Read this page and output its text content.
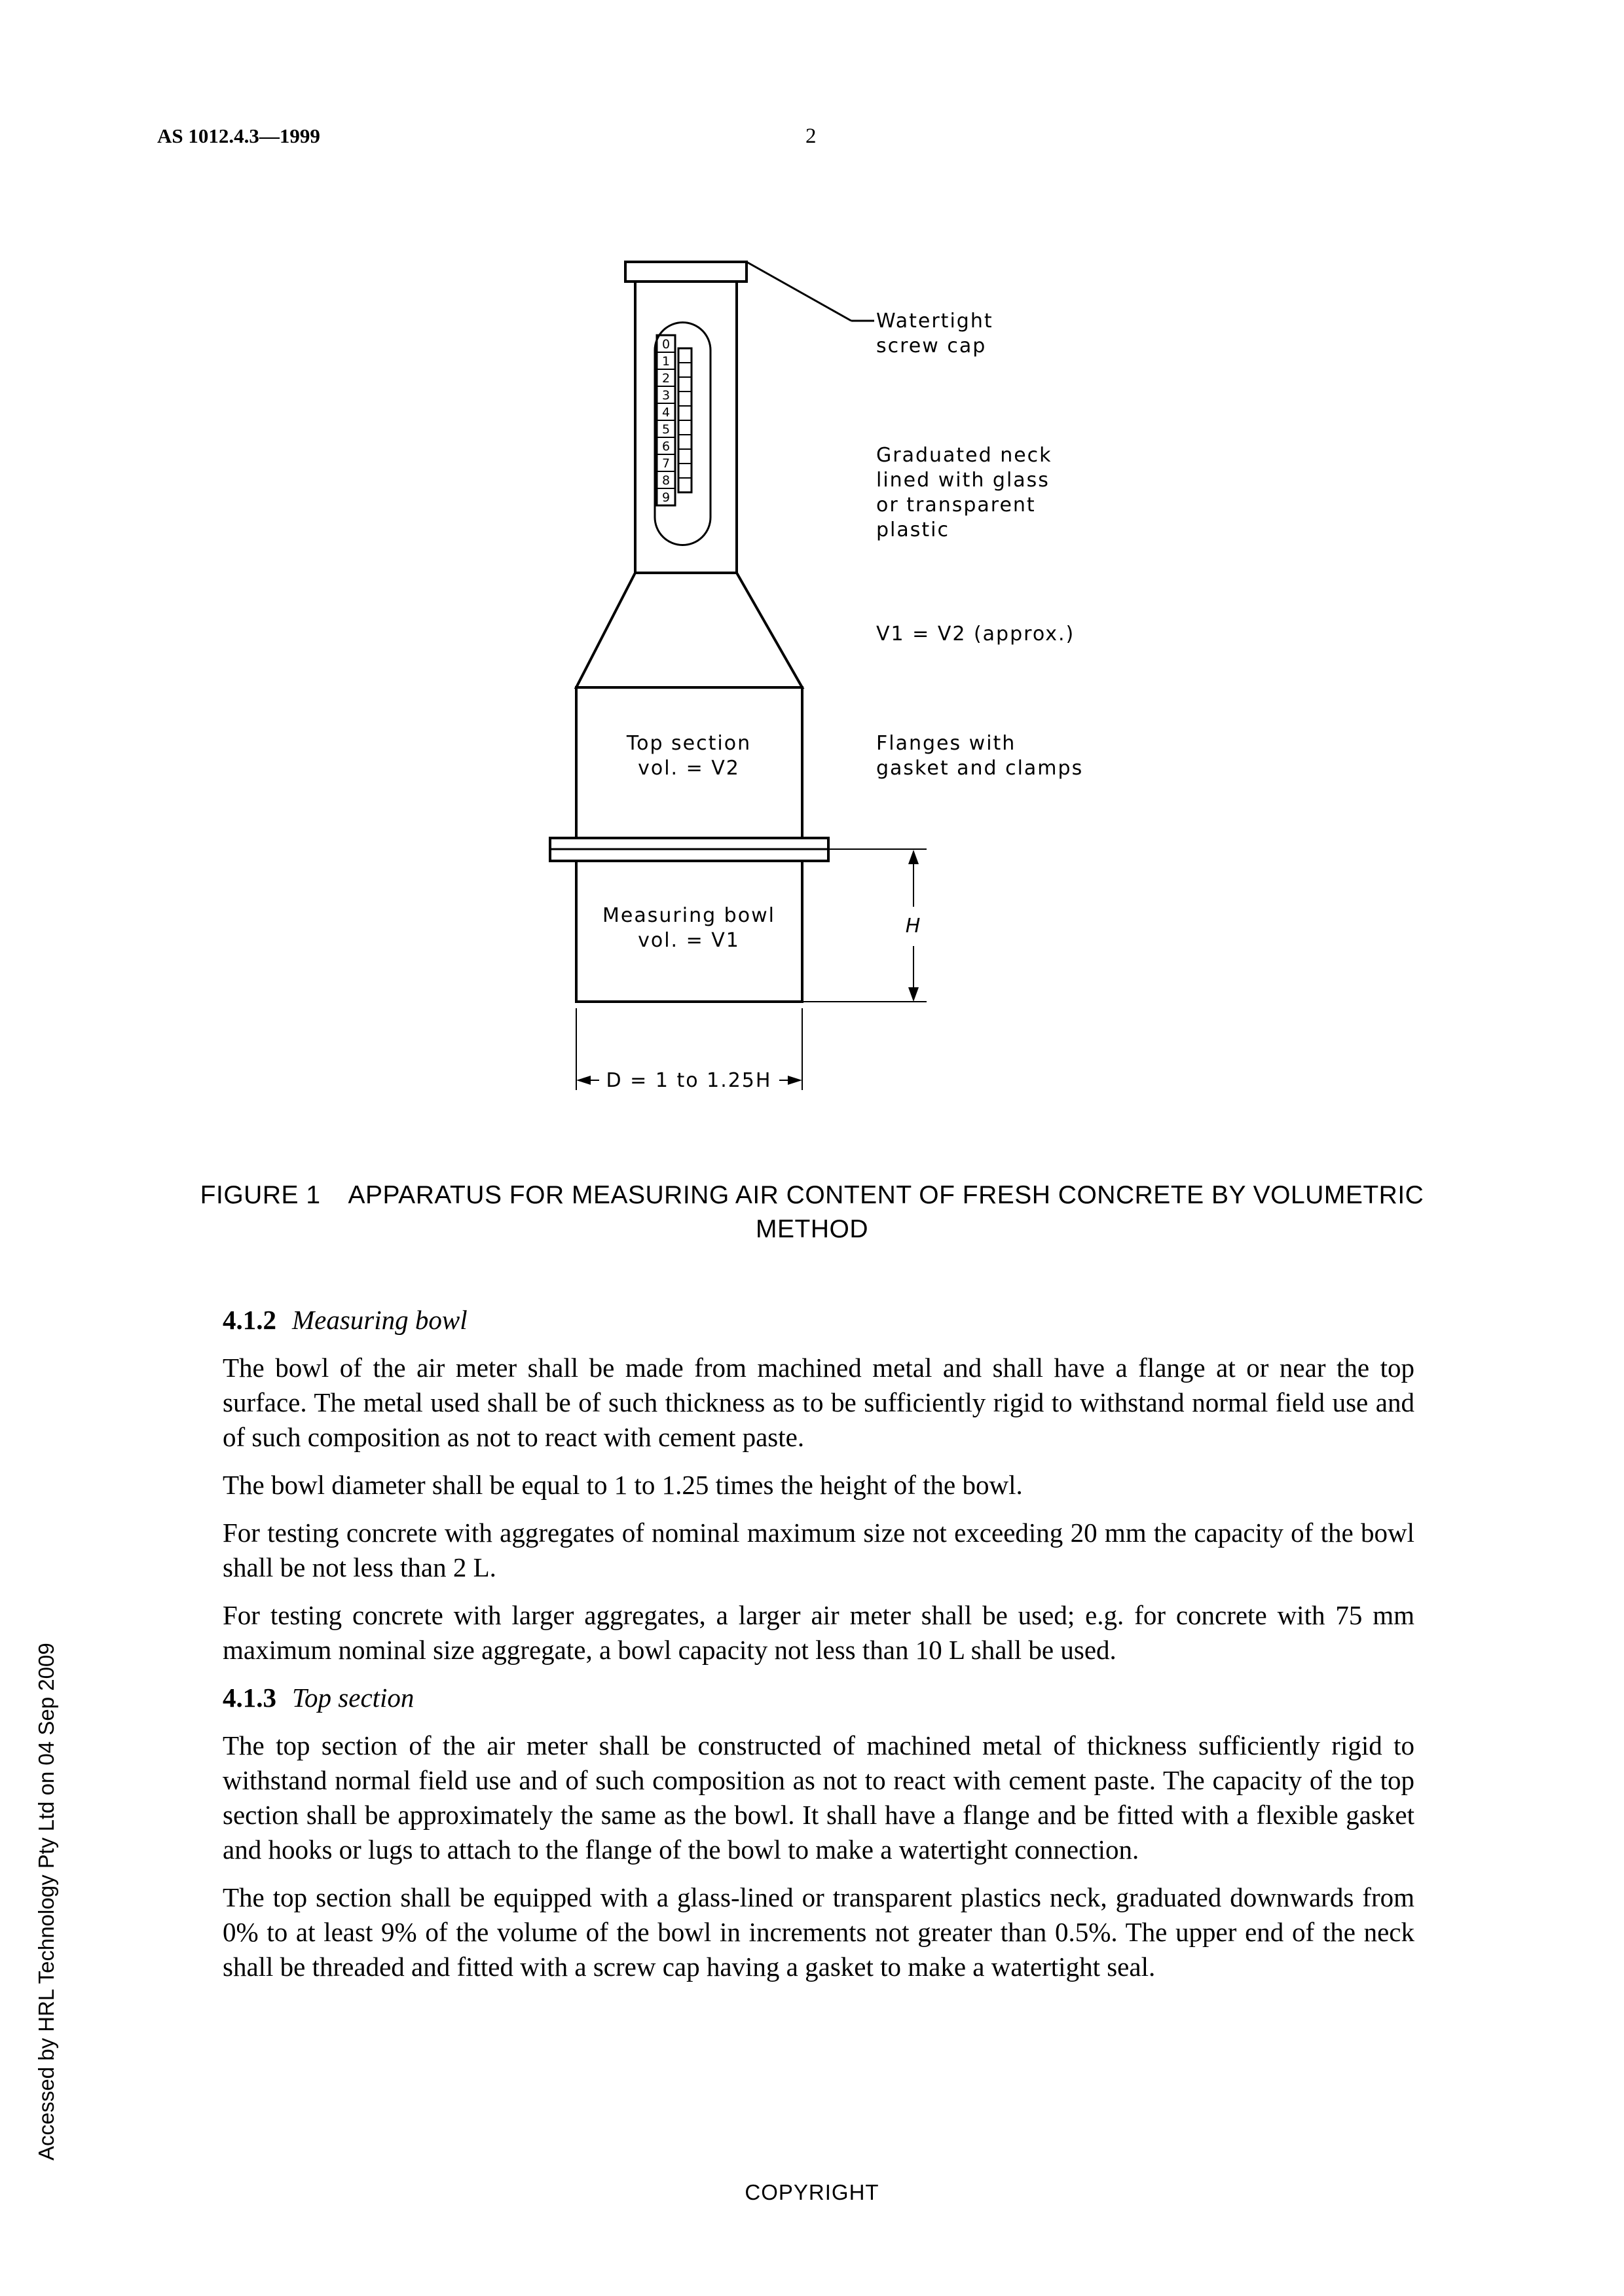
AS 1012.4.3—1999	2
0
1
2
3
4
5
6
7
8
9
Watertight
screw cap
Graduated neck
lined with glass
or transparent
plastic
V1 = V2 (approx.)
Flanges with
gasket and clamps
Top section
vol. = V2
Measuring bowl
vol. = V1
H
D = 1 to 1.25H
FIGURE 1 APPARATUS FOR MEASURING AIR CONTENT OF FRESH CONCRETE BY VOLUMETRIC METHOD
4.1.2 Measuring bowl

The bowl of the air meter shall be made from machined metal and shall have a flange at or near the top surface. The metal used shall be of such thickness as to be sufficiently rigid to withstand normal field use and of such composition as not to react with cement paste.

The bowl diameter shall be equal to 1 to 1.25 times the height of the bowl.

For testing concrete with aggregates of nominal maximum size not exceeding 20 mm the capacity of the bowl shall be not less than 2 L.

For testing concrete with larger aggregates, a larger air meter shall be used; e.g. for concrete with 75 mm maximum nominal size aggregate, a bowl capacity not less than 10 L shall be used.

4.1.3 Top section

The top section of the air meter shall be constructed of machined metal of thickness sufficiently rigid to withstand normal field use and of such composition as not to react with cement paste. The capacity of the top section shall be approximately the same as the bowl. It shall have a flange and be fitted with a flexible gasket and hooks or lugs to attach to the flange of the bowl to make a watertight connection.

The top section shall be equipped with a glass-lined or transparent plastics neck, graduated downwards from 0% to at least 9% of the volume of the bowl in increments not greater than 0.5%. The upper end of the neck shall be threaded and fitted with a screw cap having a gasket to make a watertight seal.

Accessed by HRL Technology Pty Ltd on 04 Sep 2009
COPYRIGHT
